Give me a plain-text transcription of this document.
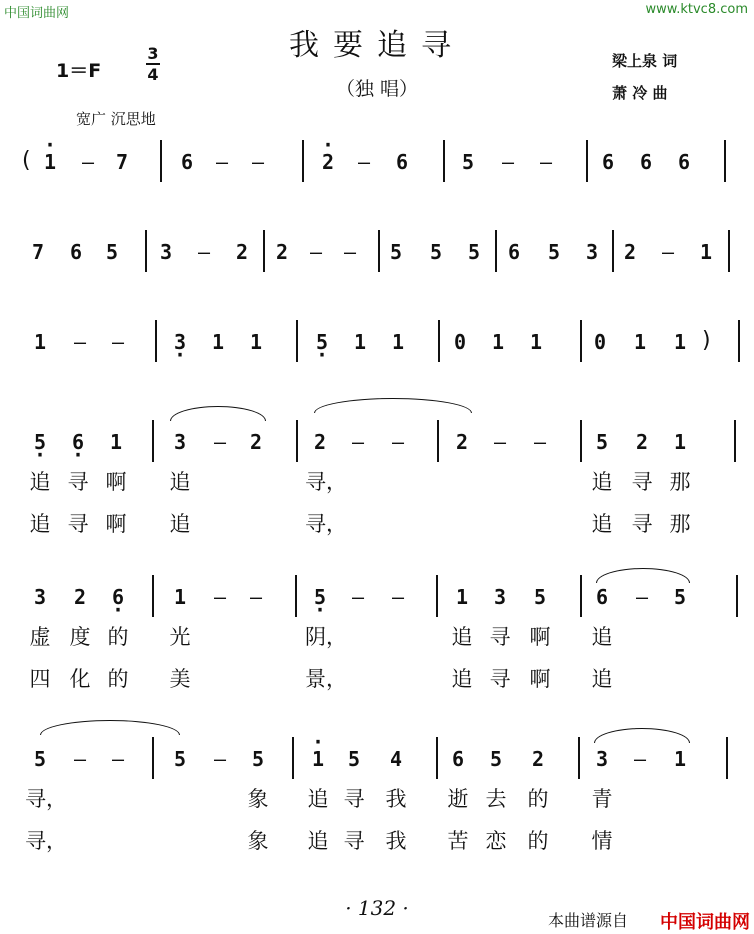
中国词曲网	www.ktvc8.com
我要追寻
（独 唱）
1＝F
3
4
梁上泉 词
萧 冷 曲
宽广 沉思地
( · 1 – 7	6 – –	· 2 – 6	5 – – 6 6 6
7 6 5 3 – 2 2 – – 5 5 5 6 5 3 2 – 1
)
1 – – 3 · 1 1	5 · 1 1 0 1 1	0 1 1
5 · 6 · 1	3 – 2	2 – –	2 – – 5 2 1
追 寻 啊 追	寻，	追 寻 那
追 寻 啊 追	寻，	追 寻 那
3 2 6 · 1 – –	5 · – –	1 3 5 6 – 5
虚 度 的 光	阴，	追 寻 啊 追
四 化 的 美	景，	追 寻 啊 追
5 – – 5 – 5 · 1 5 4 6 5 2	3 – 1
寻，	象 追 寻 我 逝 去 的 青
寻，	象 追 寻 我 苦 恋 的 情
· 132 ·
本曲谱源自 中国词曲网
